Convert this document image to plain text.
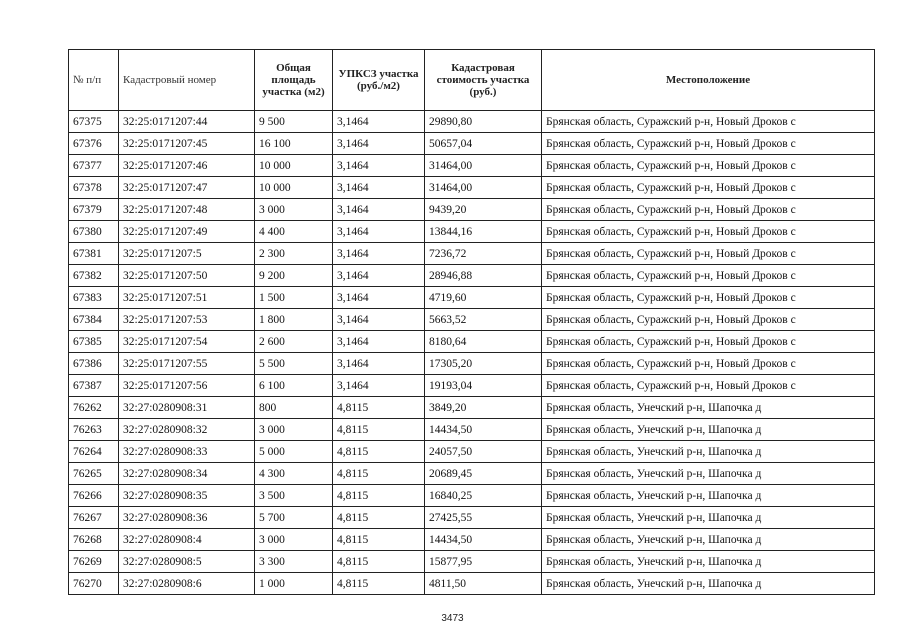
№ п/п	Кадастровый номер	Общая площадь участка (м2)	УПКСЗ участка (руб./м2)	Кадастровая стоимость участка (руб.)	Местоположение
67375	32:25:0171207:44	9 500	3,1464	29890,80	Брянская область, Суражский р-н, Новый Дроков с
67376	32:25:0171207:45	16 100	3,1464	50657,04	Брянская область, Суражский р-н, Новый Дроков с
67377	32:25:0171207:46	10 000	3,1464	31464,00	Брянская область, Суражский р-н, Новый Дроков с
67378	32:25:0171207:47	10 000	3,1464	31464,00	Брянская область, Суражский р-н, Новый Дроков с
67379	32:25:0171207:48	3 000	3,1464	9439,20	Брянская область, Суражский р-н, Новый Дроков с
67380	32:25:0171207:49	4 400	3,1464	13844,16	Брянская область, Суражский р-н, Новый Дроков с
67381	32:25:0171207:5	2 300	3,1464	7236,72	Брянская область, Суражский р-н, Новый Дроков с
67382	32:25:0171207:50	9 200	3,1464	28946,88	Брянская область, Суражский р-н, Новый Дроков с
67383	32:25:0171207:51	1 500	3,1464	4719,60	Брянская область, Суражский р-н, Новый Дроков с
67384	32:25:0171207:53	1 800	3,1464	5663,52	Брянская область, Суражский р-н, Новый Дроков с
67385	32:25:0171207:54	2 600	3,1464	8180,64	Брянская область, Суражский р-н, Новый Дроков с
67386	32:25:0171207:55	5 500	3,1464	17305,20	Брянская область, Суражский р-н, Новый Дроков с
67387	32:25:0171207:56	6 100	3,1464	19193,04	Брянская область, Суражский р-н, Новый Дроков с
76262	32:27:0280908:31	800	4,8115	3849,20	Брянская область, Унечский р-н, Шапочка д
76263	32:27:0280908:32	3 000	4,8115	14434,50	Брянская область, Унечский р-н, Шапочка д
76264	32:27:0280908:33	5 000	4,8115	24057,50	Брянская область, Унечский р-н, Шапочка д
76265	32:27:0280908:34	4 300	4,8115	20689,45	Брянская область, Унечский р-н, Шапочка д
76266	32:27:0280908:35	3 500	4,8115	16840,25	Брянская область, Унечский р-н, Шапочка д
76267	32:27:0280908:36	5 700	4,8115	27425,55	Брянская область, Унечский р-н, Шапочка д
76268	32:27:0280908:4	3 000	4,8115	14434,50	Брянская область, Унечский р-н, Шапочка д
76269	32:27:0280908:5	3 300	4,8115	15877,95	Брянская область, Унечский р-н, Шапочка д
76270	32:27:0280908:6	1 000	4,8115	4811,50	Брянская область, Унечский р-н, Шапочка д
3473
